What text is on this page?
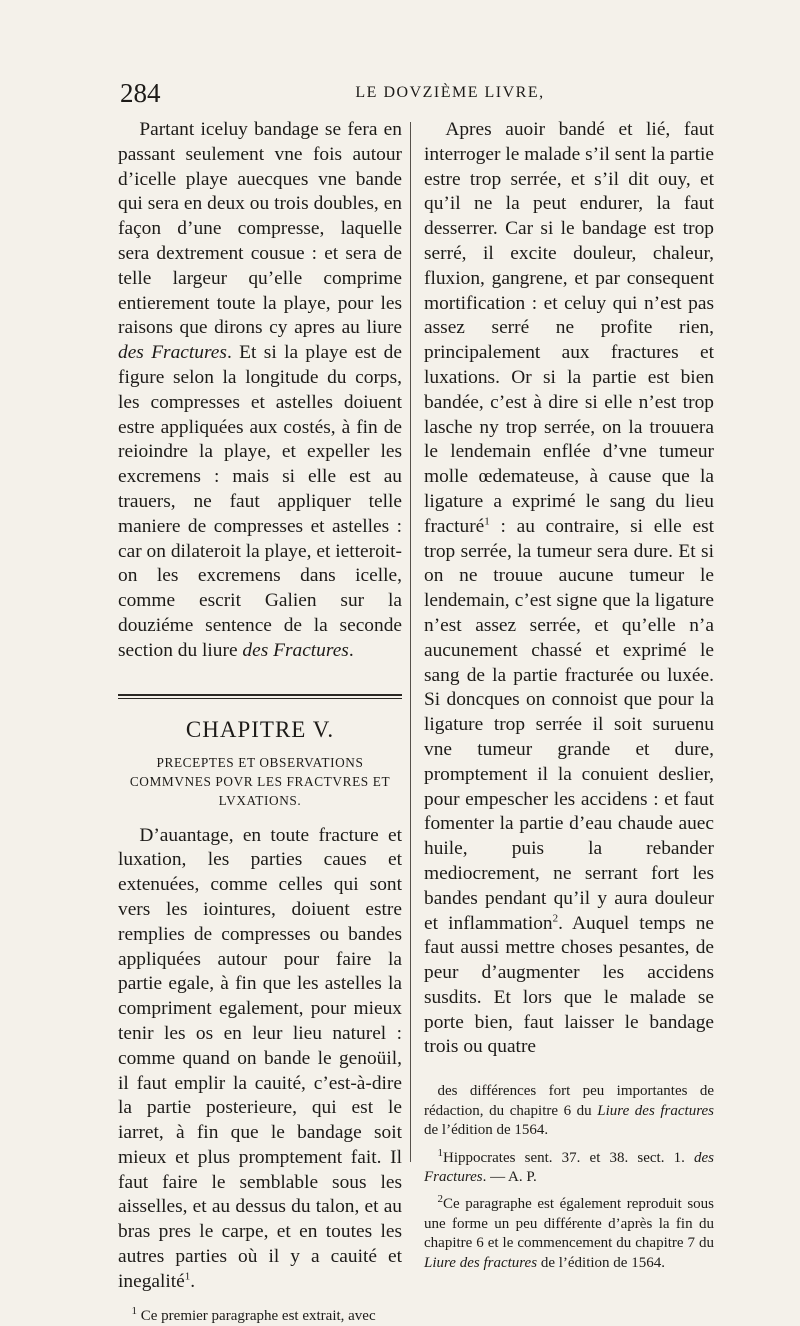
284	LE DOVZIÈME LIVRE,

Partant iceluy bandage se fera en passant seulement vne fois autour d’icelle playe auecques vne bande qui sera en deux ou trois doubles, en façon d’une compresse, laquelle sera dextrement cousue : et sera de telle largeur qu’elle comprime entierement toute la playe, pour les raisons que dirons cy apres au liure des Fractures. Et si la playe est de figure selon la longitude du corps, les compresses et astelles doiuent estre appliquées aux costés, à fin de reioindre la playe, et expeller les excremens : mais si elle est au trauers, ne faut appliquer telle maniere de compresses et astelles : car on dilateroit la playe, et ietteroit-on les excremens dans icelle, comme escrit Galien sur la douziéme sentence de la seconde section du liure des Fractures.

CHAPITRE V.
PRECEPTES ET OBSERVATIONS COMMVNES POVR LES FRACTVRES ET LVXATIONS.

D’auantage, en toute fracture et luxation, les parties caues et extenuées, comme celles qui sont vers les iointures, doiuent estre remplies de compresses ou bandes appliquées autour pour faire la partie egale, à fin que les astelles la compriment egalement, pour mieux tenir les os en leur lieu naturel : comme quand on bande le genoüil, il faut emplir la cauité, c’est-à-dire la partie posterieure, qui est le iarret, à fin que le bandage soit mieux et plus promptement fait. Il faut faire le semblable sous les aisselles, et au dessus du talon, et au bras pres le carpe, et en toutes les autres parties où il y a cauité et inegalité$^1$.

$^1$ Ce premier paragraphe est extrait, avec

Apres auoir bandé et lié, faut interroger le malade s’il sent la partie estre trop serrée, et s’il dit ouy, et qu’il ne la peut endurer, la faut desserrer. Car si le bandage est trop serré, il excite douleur, chaleur, fluxion, gangrene, et par consequent mortification : et celuy qui n’est pas assez serré ne profite rien, principalement aux fractures et luxations. Or si la partie est bien bandée, c’est à dire si elle n’est trop lasche ny trop serrée, on la trouuera le lendemain enflée d’vne tumeur molle œdemateuse, à cause que la ligature a exprimé le sang du lieu fracturé$^1$ : au contraire, si elle est trop serrée, la tumeur sera dure. Et si on ne trouue aucune tumeur le lendemain, c’est signe que la ligature n’est assez serrée, et qu’elle n’a aucunement chassé et exprimé le sang de la partie fracturée ou luxée. Si doncques on connoist que pour la ligature trop serrée il soit suruenu vne tumeur grande et dure, promptement il la conuient deslier, pour empescher les accidens : et faut fomenter la partie d’eau chaude auec huile, puis la rebander mediocrement, ne serrant fort les bandes pendant qu’il y aura douleur et inflammation$^2$. Auquel temps ne faut aussi mettre choses pesantes, de peur d’augmenter les accidens susdits. Et lors que le malade se porte bien, faut laisser le bandage trois ou quatre

des différences fort peu importantes de rédaction, du chapitre 6 du Liure des fractures de l’édition de 1564.

$^1$Hippocrates sent. 37. et 38. sect. 1. des Fractures. — A. P.

$^2$Ce paragraphe est également reproduit sous une forme un peu différente d’après la fin du chapitre 6 et le commencement du chapitre 7 du Liure des fractures de l’édition de 1564.
